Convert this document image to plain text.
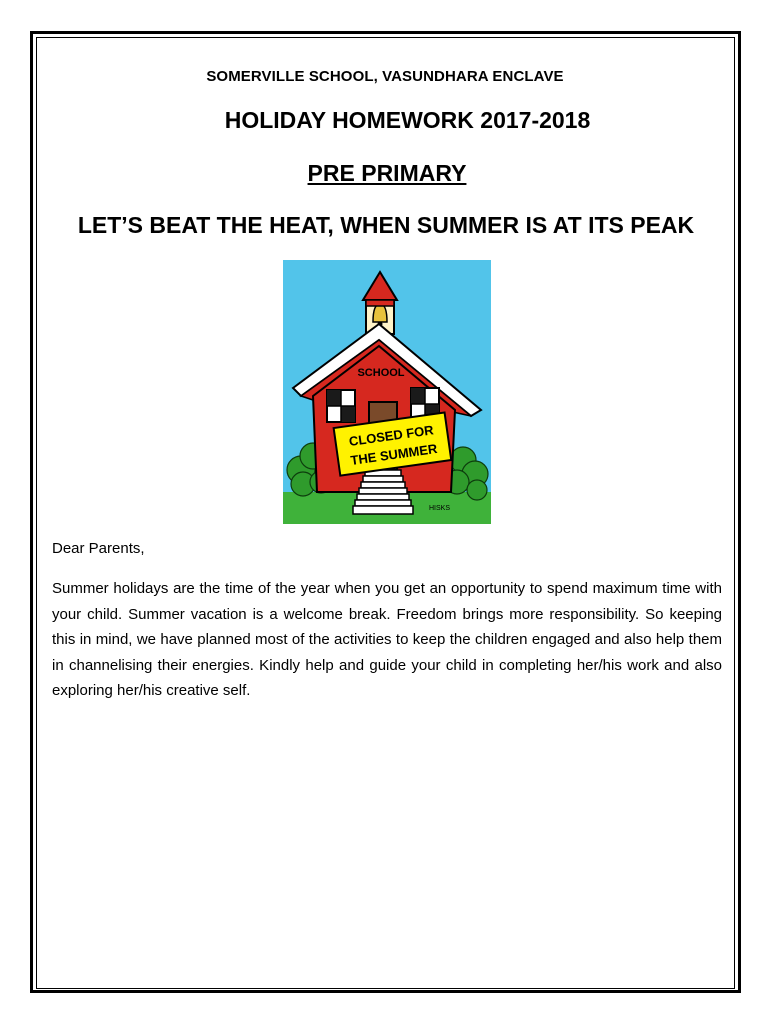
SOMERVILLE SCHOOL, VASUNDHARA ENCLAVE
HOLIDAY HOMEWORK 2017-2018
PRE PRIMARY
LET’S BEAT THE HEAT, WHEN SUMMER IS AT ITS PEAK
SCHOOL
CLOSED FOR
THE SUMMER
HISKS
Dear Parents,

Summer holidays are the time of the year when you get an opportunity to spend maximum time with your child. Summer vacation is a welcome break. Freedom brings more responsibility. So keeping this in mind, we have planned most of the activities to keep the children engaged and also help them in channelising their energies. Kindly help and guide your child in completing her/his work and also exploring her/his creative self.
